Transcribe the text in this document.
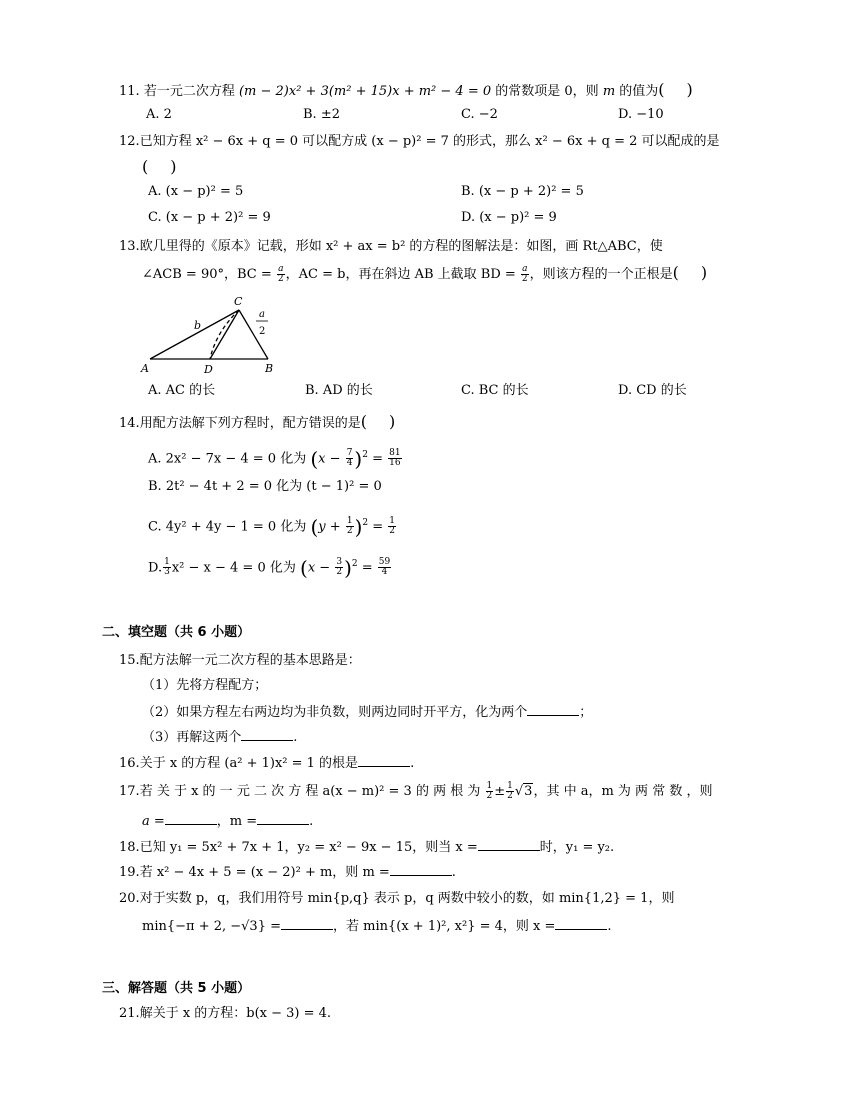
11. 若一元二次方程 (m − 2)x² + 3(m² + 15)x + m² − 4 = 0 的常数项是 0，则 m 的值为()
A. 2	B. ±2	C. −2	D. −10
12.已知方程 x² − 6x + q = 0 可以配方成 (x − p)² = 7 的形式，那么 x² − 6x + q = 2 可以配成的是
()
A. (x − p)² = 5	B. (x − p + 2)² = 5
C. (x − p + 2)² = 9	D. (x − p)² = 9
13.欧几里得的《原本》记载，形如 x² + ax = b² 的方程的图解法是：如图，画 Rt△ABC，使
∠ACB = 90°，BC = $\frac{a}{2}$ ，AC = b，再在斜边 AB 上截取 BD = $\frac{a}{2}$ ，则该方程的一个正根是()
C
A	B
D
b
a
2
A. AC 的长	B. AD 的长	C. BC 的长	D. CD 的长
14.用配方法解下列方程时，配方错误的是()
A. 2x² − 7x − 4 = 0 化为 $(x - \frac{7}{4} )^2 = \frac{81}{16}$
B. 2t² − 4t + 2 = 0 化为 (t − 1)² = 0
C. 4y² + 4y − 1 = 0 化为 $(y + \frac{1}{2} )^2 = \frac{1}{2}$
D. $\frac{1}{3} x^2 - x - 4 = 0$ 化为 $(x - \frac{3}{2} )^2 = \frac{59}{4}$
二、填空题（共 6 小题）
15.配方法解一元二次方程的基本思路是：
（1）先将方程配方；
（2）如果方程左右两边均为非负数，则两边同时开平方，化为两个	；
（3）再解这两个	.
16.关于 x 的方程 (a² + 1)x² = 1 的根是	.
17.若 关 于 x 的 一 元 二 次 方 程 a(x − m)² = 3 的 两 根 为 $\frac{1}{2} \pm \frac{1}{2} √3$，其 中 a，m 为 两 常 数 ，则
a =	，m =	.
18.已知 y₁ = 5x² + 7x + 1，y₂ = x² − 9x − 15，则当 x =	时，y₁ = y₂.
19.若 x² − 4x + 5 = (x − 2)² + m，则 m =	.
20.对于实数 p，q，我们用符号 min{p,q} 表示 p，q 两数中较小的数，如 min{1,2} = 1，则
min{−π + 2, −√3} =	，若 min{(x + 1)², x²} = 4，则 x =	.
三、解答题（共 5 小题）
21.解关于 x 的方程：b(x − 3) = 4.
